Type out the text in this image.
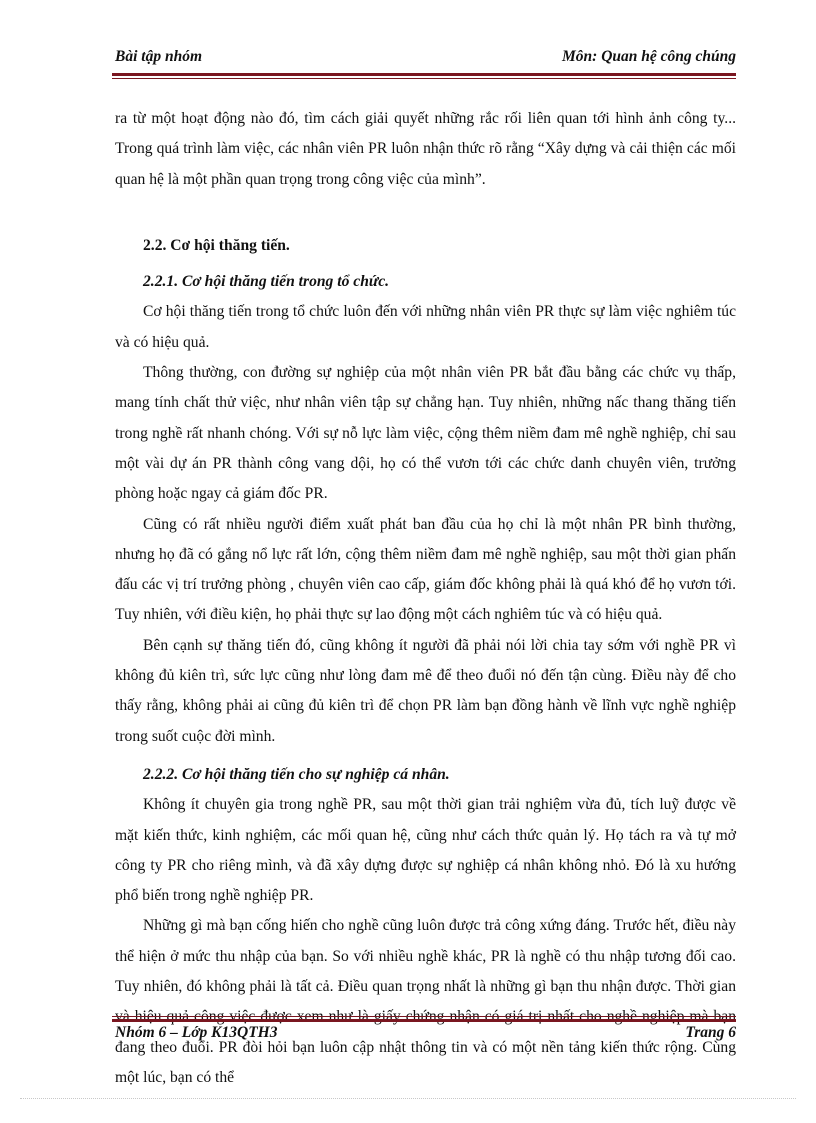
Bài tập nhóm	Môn: Quan hệ công chúng

ra từ một hoạt động nào đó, tìm cách giải quyết những rắc rối liên quan tới hình ảnh công ty... Trong quá trình làm việc, các nhân viên PR luôn nhận thức rõ rằng “Xây dựng và cải thiện các mối quan hệ là một phần quan trọng trong công việc của mình”.

2.2. Cơ hội thăng tiến.

2.2.1. Cơ hội thăng tiến trong tổ chức.

Cơ hội thăng tiến trong tổ chức luôn đến với những nhân viên PR thực sự làm việc nghiêm túc và có hiệu quả.

Thông thường, con đường sự nghiệp của một nhân viên PR bắt đầu bằng các chức vụ thấp, mang tính chất thử việc, như nhân viên tập sự chẳng hạn. Tuy nhiên, những nấc thang thăng tiến trong nghề rất nhanh chóng. Với sự nỗ lực làm việc, cộng thêm niềm đam mê nghề nghiệp, chỉ sau một vài dự án PR thành công vang dội, họ có thể vươn tới các chức danh chuyên viên, trưởng phòng hoặc ngay cả giám đốc PR.

Cũng có rất nhiều người điểm xuất phát ban đầu của họ chỉ là một nhân PR bình thường, nhưng họ đã có gắng nổ lực rất lớn, cộng thêm niềm đam mê nghề nghiệp, sau một thời gian phấn đấu các vị trí trưởng phòng , chuyên viên cao cấp, giám đốc không phải là quá khó để họ vươn tới. Tuy nhiên, với điều kiện, họ phải thực sự lao động một cách nghiêm túc và có hiệu quả.

Bên cạnh sự thăng tiến đó, cũng không ít người đã phải nói lời chia tay sớm với nghề PR vì không đủ kiên trì, sức lực cũng như lòng đam mê để theo đuổi nó đến tận cùng. Điều này để cho thấy rằng, không phải ai cũng đủ kiên trì để chọn PR làm bạn đồng hành về lĩnh vực nghề nghiệp trong suốt cuộc đời mình.

2.2.2. Cơ hội thăng tiến cho sự nghiệp cá nhân.

Không ít chuyên gia trong nghề PR, sau một thời gian trải nghiệm vừa đủ, tích luỹ được về mặt kiến thức, kinh nghiệm, các mối quan hệ, cũng như cách thức quản lý. Họ tách ra và tự mở công ty PR cho riêng mình, và đã xây dựng được sự nghiệp cá nhân không nhỏ. Đó là xu hướng phổ biến trong nghề nghiệp PR.

Những gì mà bạn cống hiến cho nghề cũng luôn được trả công xứng đáng. Trước hết, điều này thể hiện ở mức thu nhập của bạn. So với nhiều nghề khác, PR là nghề có thu nhập tương đối cao. Tuy nhiên, đó không phải là tất cả. Điều quan trọng nhất là những gì bạn thu nhận được. Thời gian và hiệu quả công việc được xem như là giấy chứng nhận có giá trị nhất cho nghề nghiệp mà bạn đang theo đuổi. PR đòi hỏi bạn luôn cập nhật thông tin và có một nền tảng kiến thức rộng. Cùng một lúc, bạn có thể

Nhóm 6 – Lớp K13QTH3	Trang 6
